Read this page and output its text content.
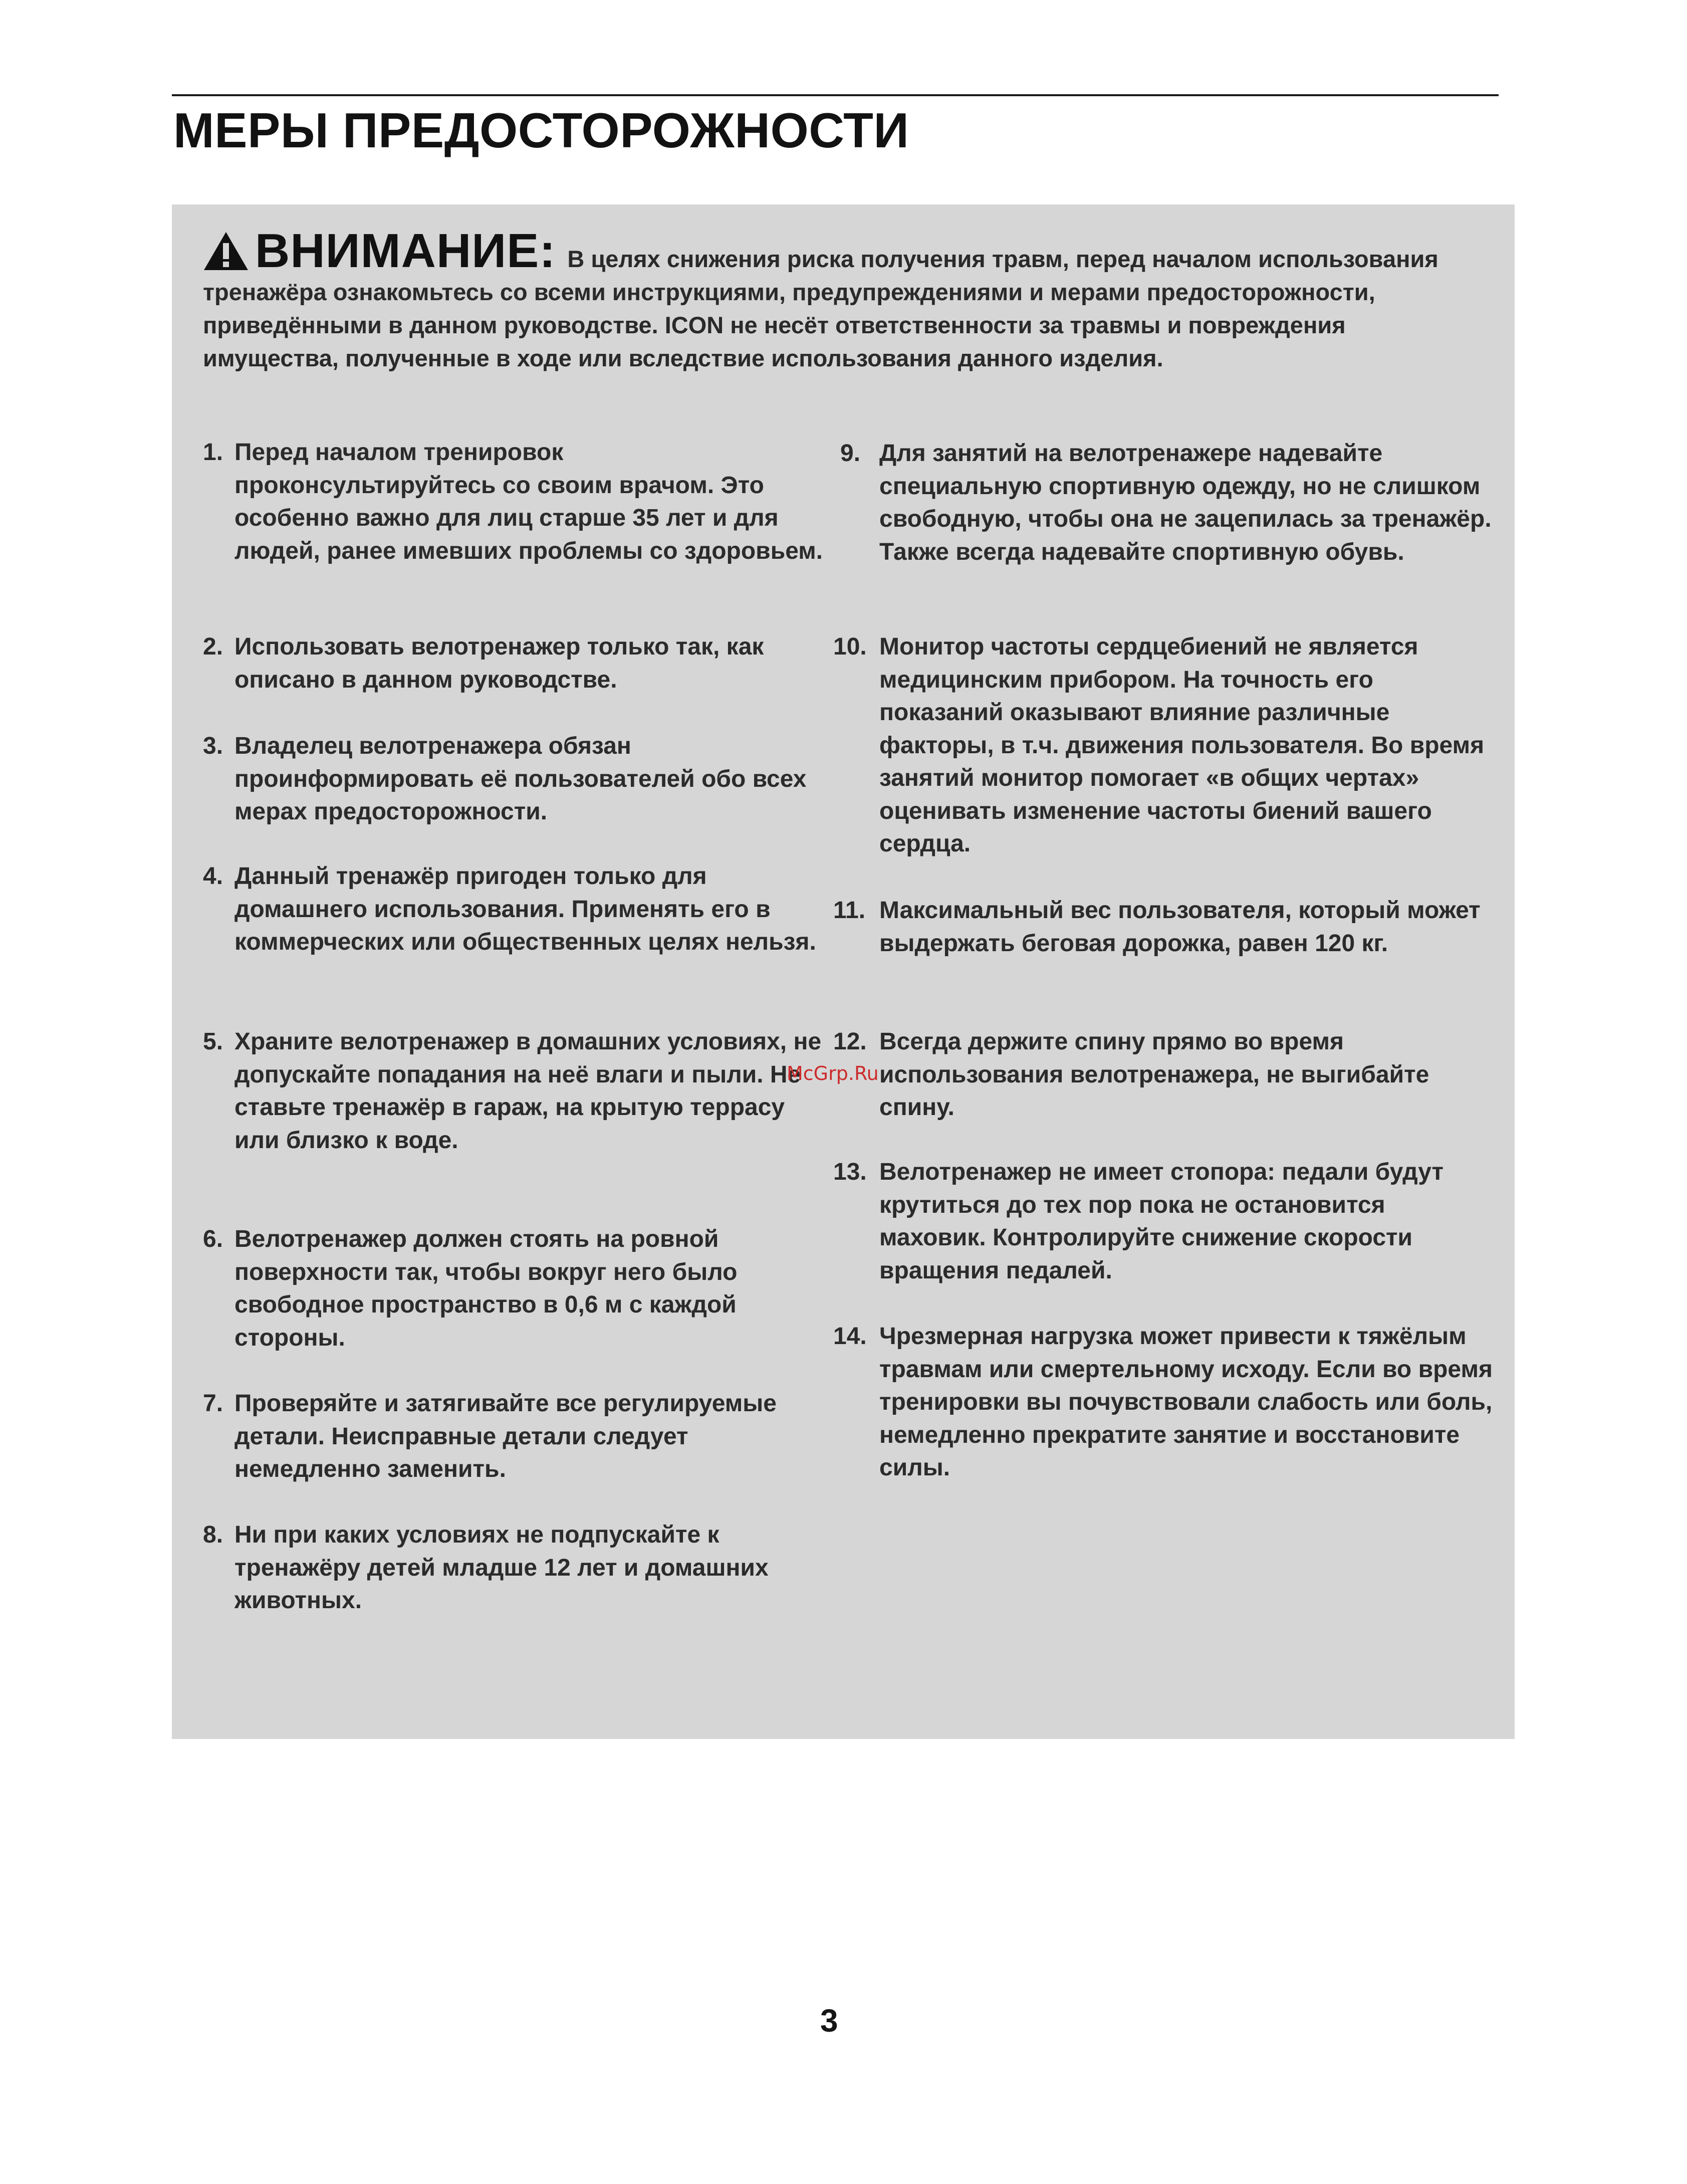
МЕРЫ ПРЕДОСТОРОЖНОСТИ
ВНИМАНИЕ: В целях снижения риска получения травм, перед началом использования тренажёра ознакомьтесь со всеми инструкциями, предупреждениями и мерами предосторожности, приведёнными в данном руководстве. ICON не несёт ответственности за травмы и повреждения имущества, полученные в ходе или вследствие использования данного изделия.
1. Перед началом тренировок проконсультируйтесь со своим врачом. Это особенно важно для лиц старше 35 лет и для людей, ранее имевших проблемы со здоровьем.
2. Использовать велотренажер только так, как описано в данном руководстве.
3. Владелец велотренажера обязан проинформировать её пользователей обо всех мерах предосторожности.
4. Данный тренажёр пригоден только для домашнего использования. Применять его в коммерческих или общественных целях нельзя.
5. Храните велотренажер в домашних условиях, не допускайте попадания на неё влаги и пыли. Не ставьте тренажёр в гараж, на крытую террасу или близко к воде.
6. Велотренажер должен стоять на ровной поверхности так, чтобы вокруг него было свободное пространство в 0,6 м с каждой стороны.
7. Проверяйте и затягивайте все регулируемые детали. Неисправные детали следует немедленно заменить.
8. Ни при каких условиях не подпускайте к тренажёру детей младше 12 лет и домашних животных.
9. Для занятий на велотренажере надевайте специальную спортивную одежду, но не слишком свободную, чтобы она не зацепилась за тренажёр. Также всегда надевайте спортивную обувь.
10. Монитор частоты сердцебиений не является медицинским прибором. На точность его показаний оказывают влияние различные факторы, в т.ч. движения пользователя. Во время занятий монитор помогает «в общих чертах» оценивать изменение частоты биений вашего сердца.
11. Максимальный вес пользователя, который может выдержать беговая дорожка, равен 120 кг.
12. Всегда держите спину прямо во время использования велотренажера, не выгибайте спину.
13. Велотренажер не имеет стопора: педали будут крутиться до тех пор пока не остановится маховик. Контролируйте снижение скорости вращения педалей.
14. Чрезмерная нагрузка может привести к тяжёлым травмам или смертельному исходу. Если во время тренировки вы почувствовали слабость или боль, немедленно прекратите занятие и восстановите силы.
McGrp.Ru
3
